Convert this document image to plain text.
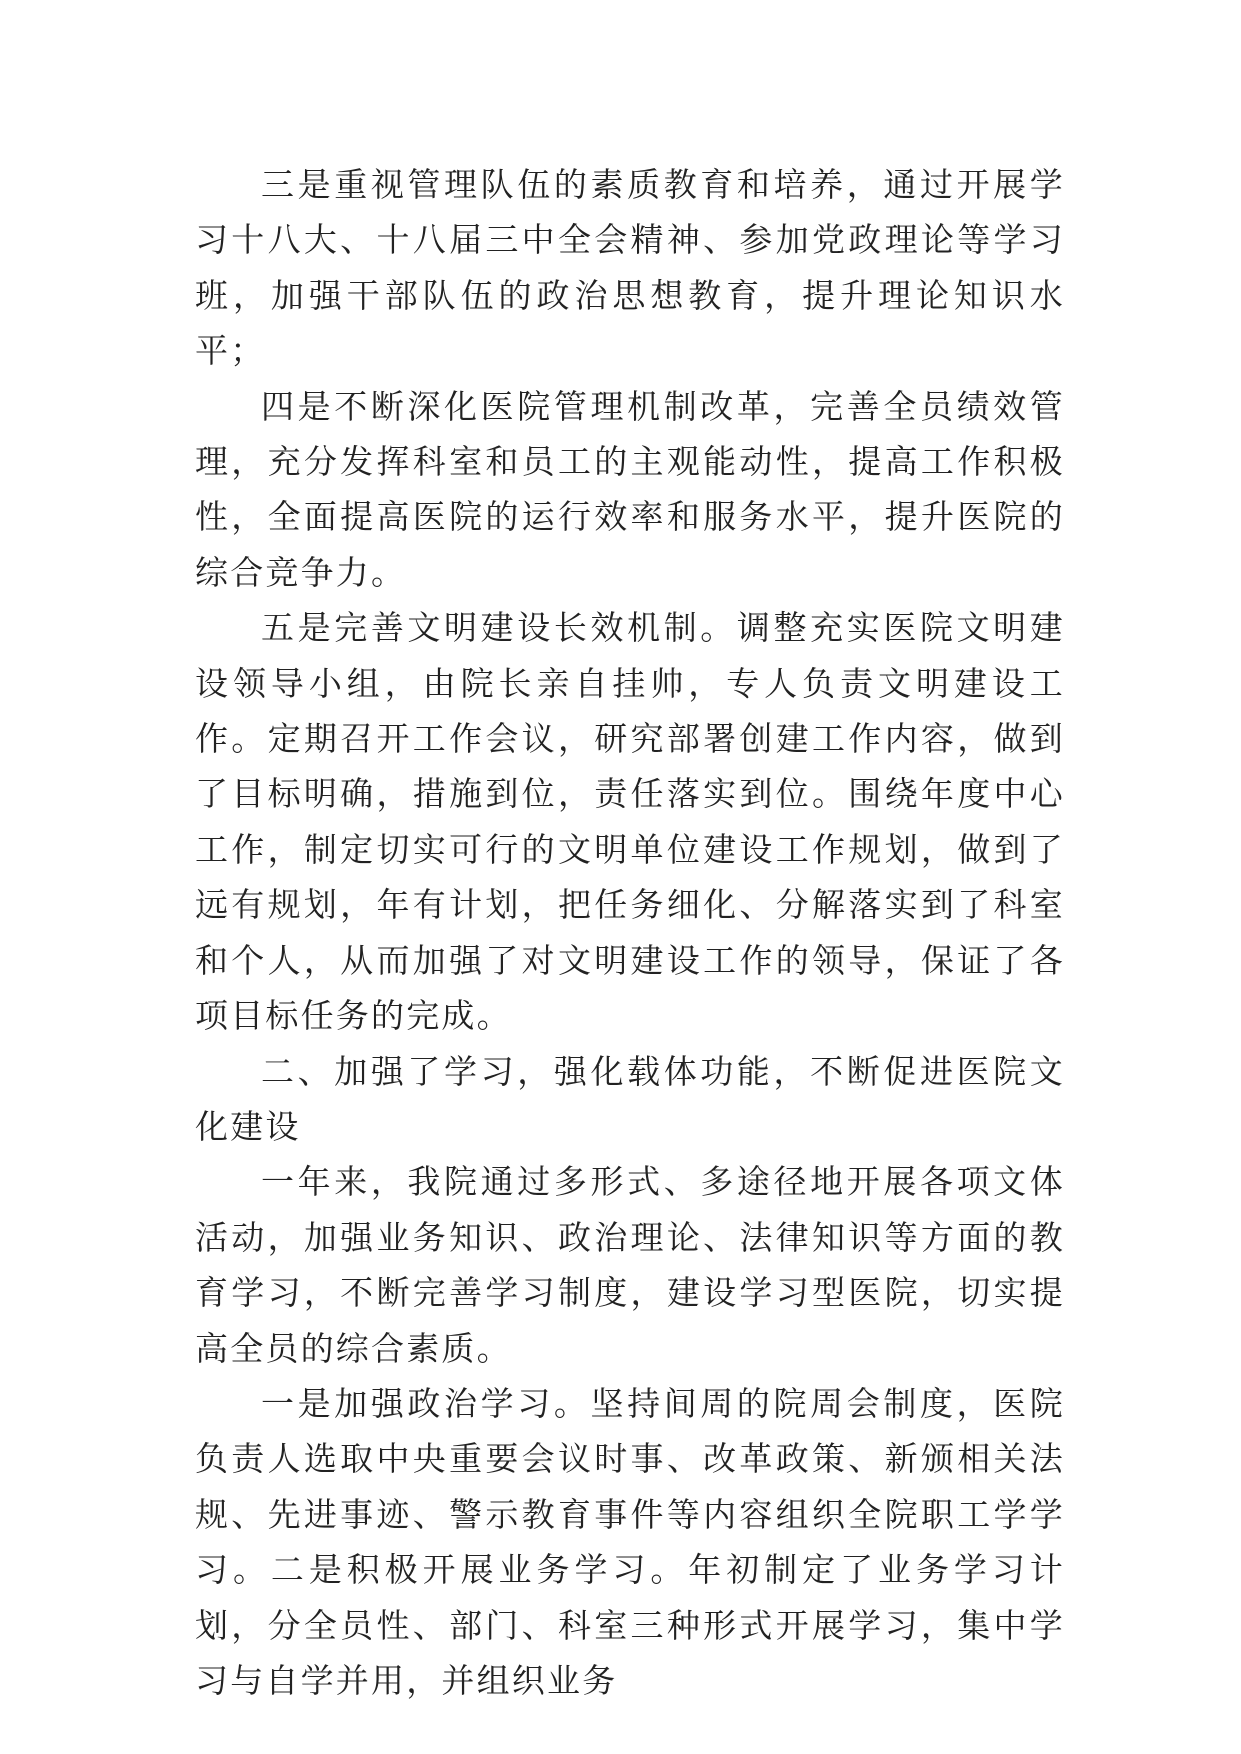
三是重视管理队伍的素质教育和培养，通过开展学习十八大、十八届三中全会精神、参加党政理论等学习班，加强干部队伍的政治思想教育，提升理论知识水平；

四是不断深化医院管理机制改革，完善全员绩效管理，充分发挥科室和员工的主观能动性，提高工作积极性，全面提高医院的运行效率和服务水平，提升医院的综合竞争力。

五是完善文明建设长效机制。调整充实医院文明建设领导小组，由院长亲自挂帅，专人负责文明建设工作。定期召开工作会议，研究部署创建工作内容，做到了目标明确，措施到位，责任落实到位。围绕年度中心工作，制定切实可行的文明单位建设工作规划，做到了远有规划，年有计划，把任务细化、分解落实到了科室和个人，从而加强了对文明建设工作的领导，保证了各项目标任务的完成。

二、加强了学习，强化载体功能，不断促进医院文化建设

一年来，我院通过多形式、多途径地开展各项文体活动，加强业务知识、政治理论、法律知识等方面的教育学习，不断完善学习制度，建设学习型医院，切实提高全员的综合素质。

一是加强政治学习。坚持间周的院周会制度，医院负责人选取中央重要会议时事、改革政策、新颁相关法规、先进事迹、警示教育事件等内容组织全院职工学学习。二是积极开展业务学习。年初制定了业务学习计划，分全员性、部门、科室三种形式开展学习，集中学习与自学并用，并组织业务
